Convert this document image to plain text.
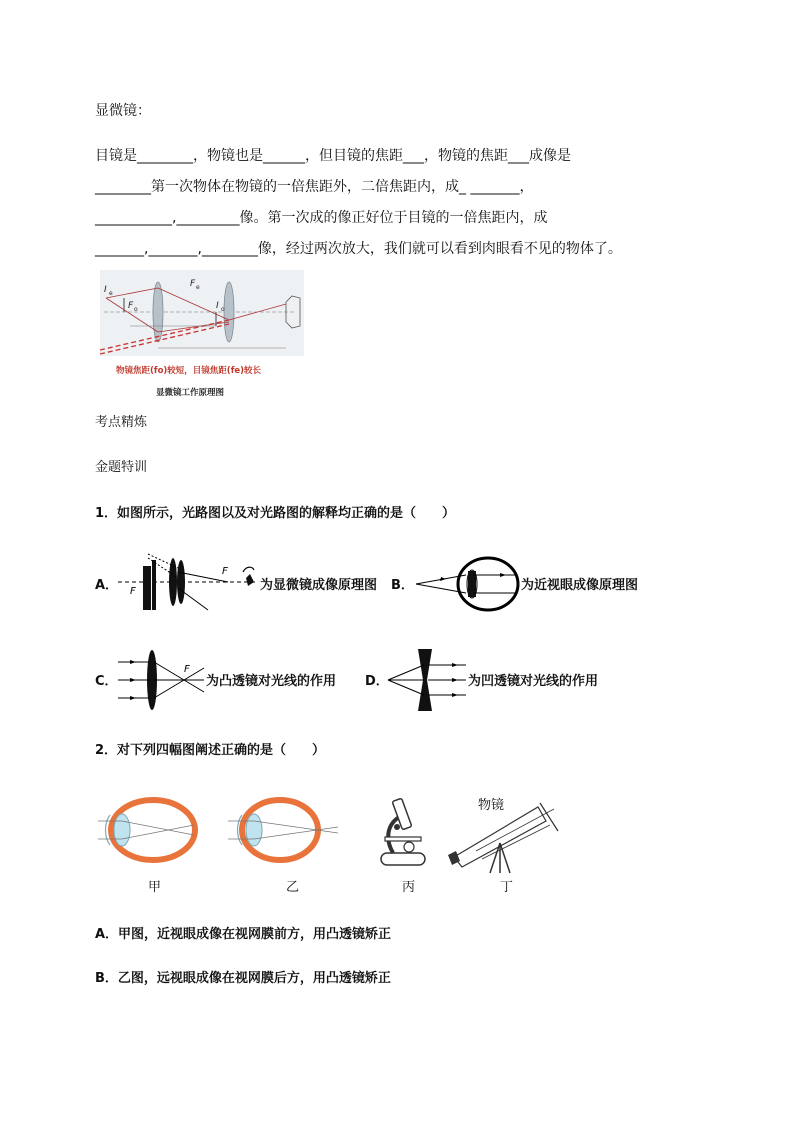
显微镜：
目镜是________，物镜也是______，但目镜的焦距___，物镜的焦距___成像是
________第一次物体在物镜的一倍焦距外，二倍焦距内，成_ _______，
___________,_________像。第一次成的像正好位于目镜的一倍焦距内，成
_______,_______,________像，经过两次放大，我们就可以看到肉眼看不见的物体了。
I e
F o
F e
I o
物镜焦距(fo)较短，目镜焦距(fe)较长
显微镜工作原理图
考点精炼
金题特训
1．如图所示，光路图以及对光路图的解释均正确的是（　　）
A． F
F
为显微镜成像原理图 B．	为近视眼成像原理图
C．
F
为凸透镜对光线的作用 D．	为凹透镜对光线的作用
2．对下列四幅图阐述正确的是（　　）
甲	乙	丙
物镜
丁
A．甲图，近视眼成像在视网膜前方，用凸透镜矫正
B．乙图，远视眼成像在视网膜后方，用凸透镜矫正
